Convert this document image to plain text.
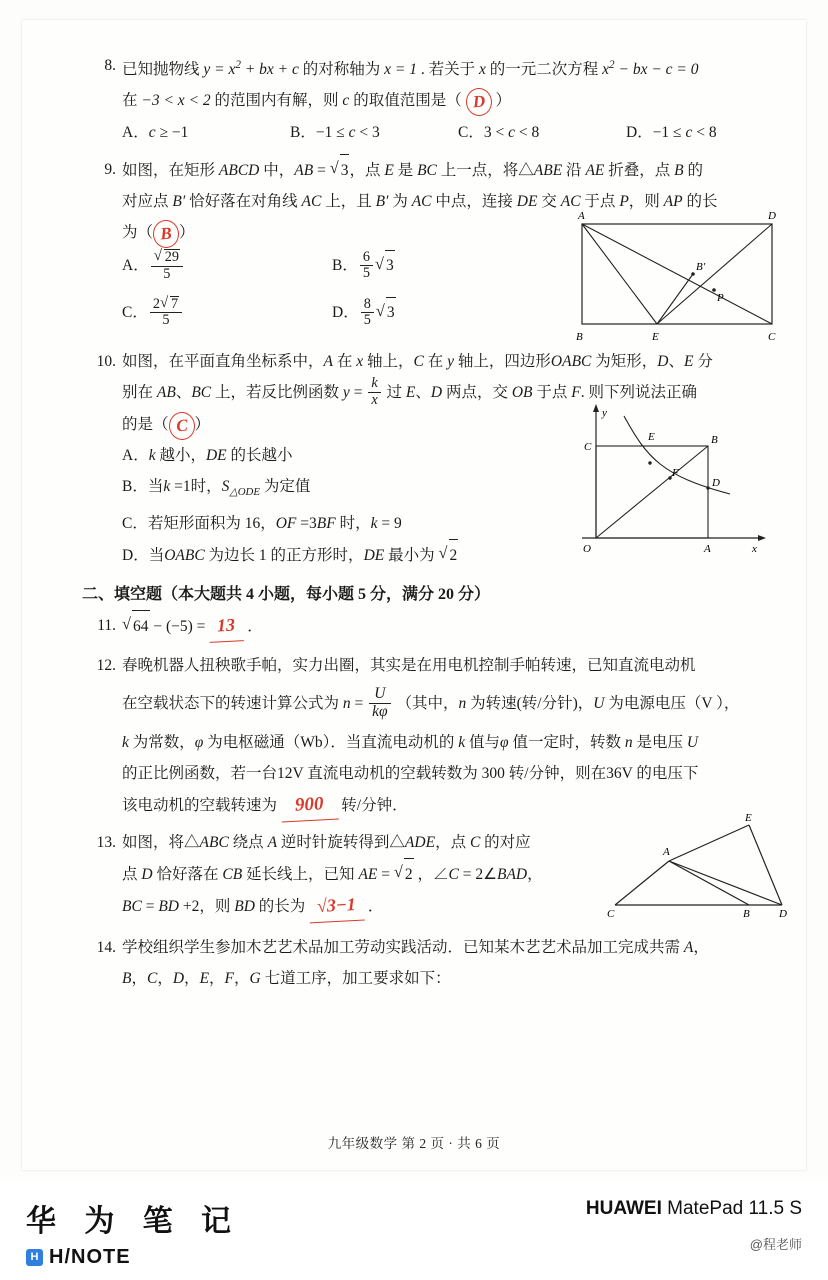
8. 已知抛物线 $y = x^2$ + bx + c 的对称轴为 x = 1 . 若关于 x 的一元二次方程 $x^2$ − bx − c = 0
在 −3 < x < 2 的范围内有解，则 c 的取值范围是（ D ）
A．c ≥ −1	B．−1 ≤ c < 3	C．3 < c < 8	D．−1 ≤ c < 8
9. 如图，在矩形 ABCD 中，AB = √ 3，点 E 是 BC 上一点，将△ABE 沿 AE 折叠，点 B 的
对应点 B′ 恰好落在对角线 AC 上，且 B′ 为 AC 中点，连接 DE 交 AC 于点 P，则 AP 的长
为（ B ）
A． √ $\frac{29}{5}$	B． $\frac{6}{5}$ √ 3
C． $\frac{2 √ 7}{5}$	D． $\frac{8}{5}$ √ 3
A	D
B′
P
B	E	C
10. 如图，在平面直角坐标系中，A 在 x 轴上，C 在 y 轴上，四边形OABC 为矩形，D、E 分
别在 AB、BC 上，若反比例函数 $y = \frac{k}{x}$ 过 E、D 两点，交 OB 于点 F. 则下列说法正确
的是（ C ）
A．k 越小，DE 的长越小
B．当k =1时，$S_{\triangle ODE}$ 为定值
C．若矩形面积为 16，OF =3BF 时，k = 9
D．当OABC 为边长 1 的正方形时，DE 最小为 √ 2
y
E
C
B
F
D
O	A	x
二、填空题（本大题共 4 小题，每小题 5 分，满分 20 分）
11.	√ 64 − (−5) = 13 ．
12. 春晚机器人扭秧歌手帕，实力出圈，其实是在用电机控制手帕转速，已知直流电动机
在空载状态下的转速计算公式为 $n = \frac{U}{k\varphi}$ （其中，n 为转速(转/分针)，U 为电源电压（V ），
k 为常数，φ 为电枢磁通（Wb）．当直流电动机的 k 值与φ 值一定时，转数 n 是电压 U
的正比例函数，若一台12V 直流电动机的空载转数为 300 转/分钟，则在36V 的电压下
该电动机的空载转速为 900 转/分钟．
13. 如图，将△ABC 绕点 A 逆时针旋转得到△ADE，点 C 的对应
点 D 恰好落在 CB 延长线上，已知 AE = √ 2 ，∠C = 2∠BAD，
BC = BD +2，则 BD 的长为 √3−1 ．
E
A
C	B	D
14. 学校组织学生参加木艺艺术品加工劳动实践活动．已知某木艺艺术品加工完成共需 A，
B，C，D，E，F，G 七道工序，加工要求如下：
九年级数学 第 2 页 · 共 6 页
华 为 笔 记
H H/NOTE
HUAWEI MatePad 11.5 S
@程老师
